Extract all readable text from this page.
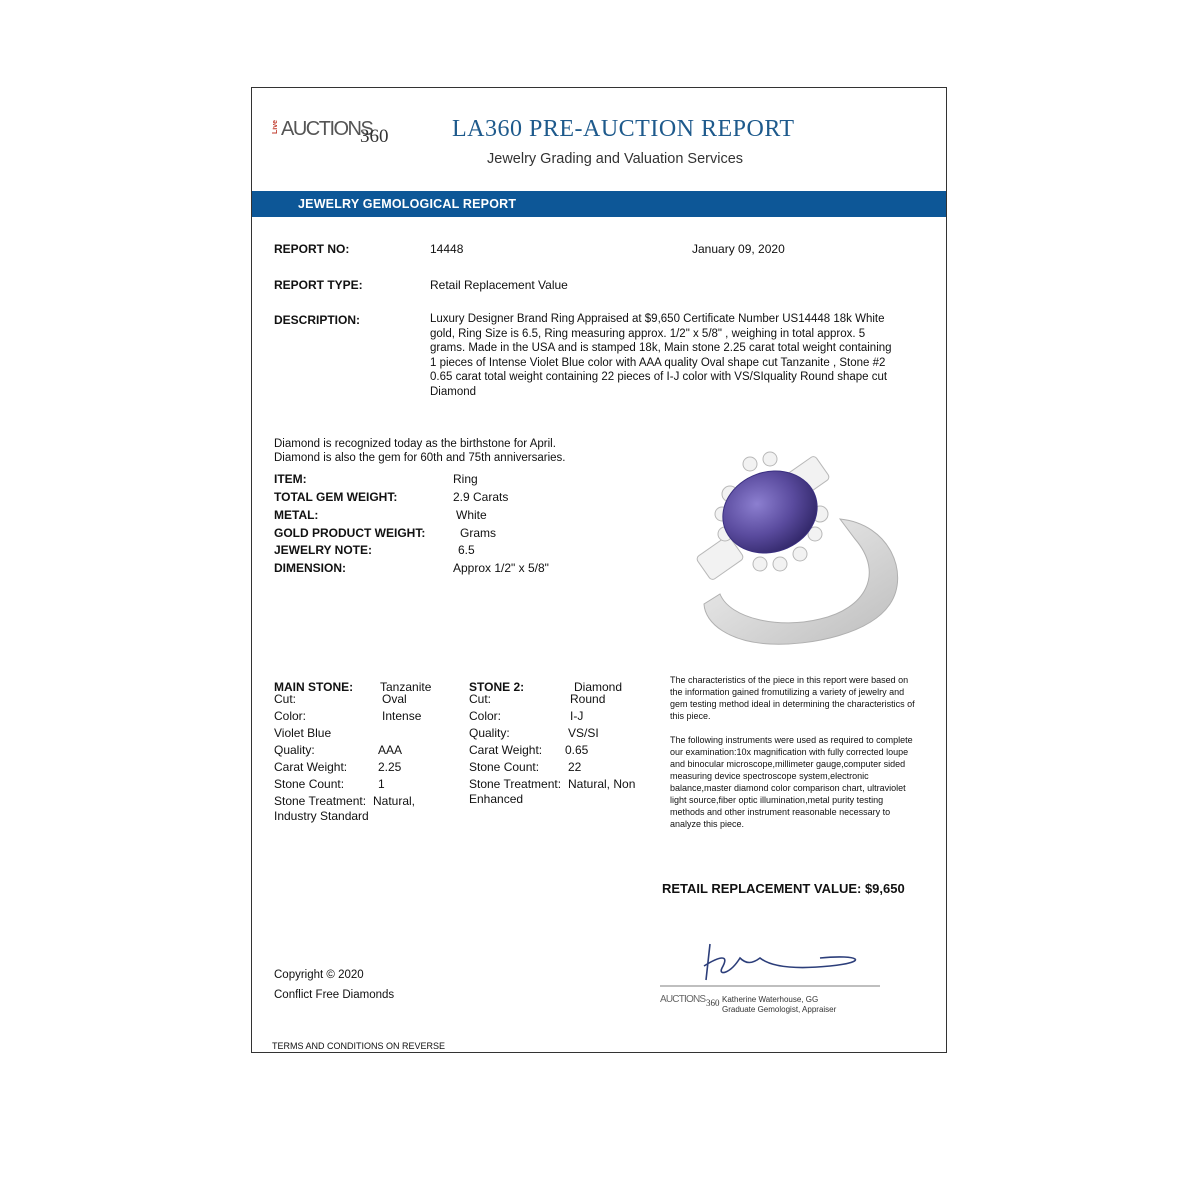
Live AUCTIONS
360	LA360 PRE-AUCTION REPORT
Jewelry Grading and Valuation Services
JEWELRY GEMOLOGICAL REPORT
REPORT NO:	14448	January 09, 2020
REPORT TYPE:	Retail Replacement Value
DESCRIPTION:	Luxury Designer Brand Ring Appraised at $9,650 Certificate Number US14448 18k White gold, Ring Size is 6.5, Ring measuring approx. 1/2" x 5/8" , weighing in total approx. 5 grams. Made in the USA and is stamped 18k, Main stone 2.25 carat total weight containing 1 pieces of Intense Violet Blue color with AAA quality Oval shape cut Tanzanite , Stone #2 0.65 carat total weight containing 22 pieces of I-J color with VS/SIquality Round shape cut Diamond
Diamond is recognized today as the birthstone for April.
Diamond is also the gem for 60th and 75th anniversaries.
ITEM:	Ring
TOTAL GEM WEIGHT:	2.9 Carats
METAL:	White
GOLD PRODUCT WEIGHT:	Grams
JEWELRY NOTE:	6.5
DIMENSION:	Approx 1/2" x 5/8"
MAIN STONE: Tanzanite
Cut:	Oval
Color:	Intense
Violet Blue
Quality:	AAA
Carat Weight:	2.25
Stone Count:	1
Stone Treatment: Natural,
Industry Standard
STONE 2:	Diamond
Cut:	Round
Color:	I-J
Quality:	VS/SI
Carat Weight: 0.65
Stone Count: 22
Stone Treatment: Natural, Non
Enhanced
The characteristics of the piece in this report were based on the information gained fromutilizing a variety of jewelry and gem testing method ideal in determining the characteristics of this piece.
The following instruments were used as required to complete our examination:10x magnification with fully corrected loupe and binocular microscope,millimeter gauge,computer sided measuring device spectroscope system,electronic balance,master diamond color comparison chart, ultraviolet light source,fiber optic illumination,metal purity testing methods and other instrument reasonable necessary to analyze this piece.
RETAIL REPLACEMENT VALUE: $9,650
Copyright © 2020
Conflict Free Diamonds	AUCTIONS 360 Katherine Waterhouse, GG
Graduate Gemologist, Appraiser
TERMS AND CONDITIONS ON REVERSE
